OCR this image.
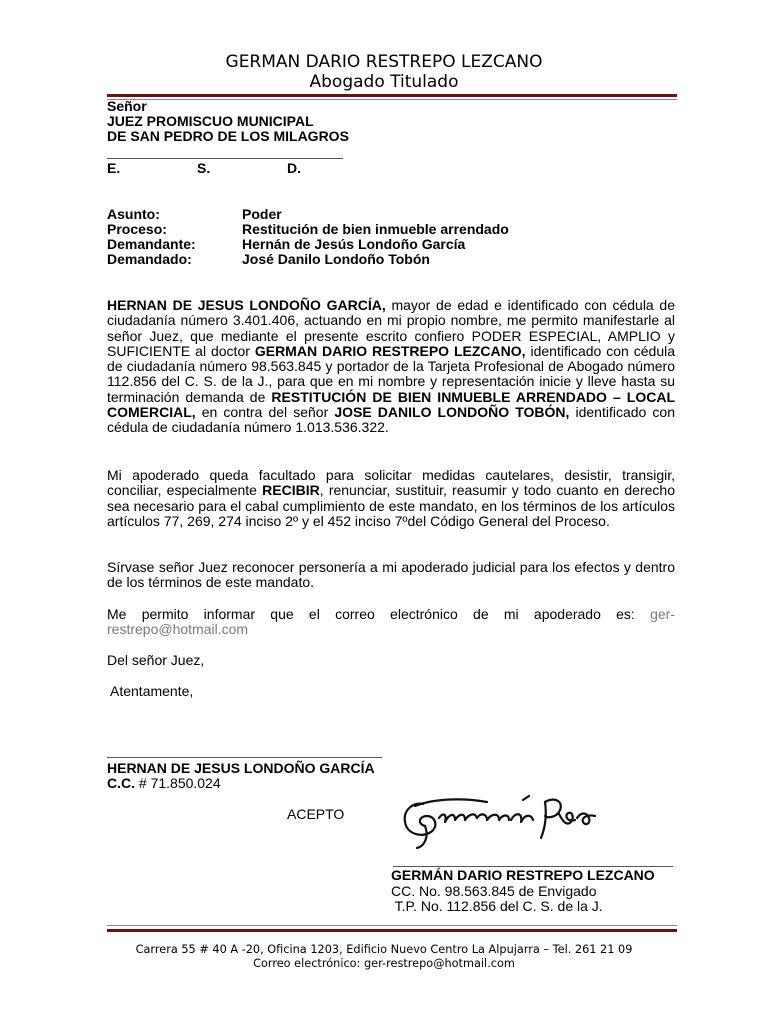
GERMAN DARIO RESTREPO LEZCANO
Abogado Titulado
Señor
JUEZ PROMISCUO MUNICIPAL
DE SAN PEDRO DE LOS MILAGROS
E.	S.	D.
Asunto:	Poder
Proceso:	Restitución de bien inmueble arrendado
Demandante:	Hernán de Jesús Londoño García
Demandado:	José Danilo Londoño Tobón
HERNAN DE JESUS LONDOÑO GARCÍA, mayor de edad e identificado con cédula de ciudadanía número 3.401.406, actuando en mi propio nombre, me permito manifestarle al señor Juez, que mediante el presente escrito confiero PODER ESPECIAL, AMPLIO y SUFICIENTE al doctor GERMAN DARIO RESTREPO LEZCANO, identificado con cédula de ciudadanía número 98.563.845 y portador de la Tarjeta Profesional de Abogado número 112.856 del C. S. de la J., para que en mi nombre y representación inicie y lleve hasta su terminación demanda de RESTITUCIÓN DE BIEN INMUEBLE ARRENDADO – LOCAL COMERCIAL, en contra del señor JOSE DANILO LONDOÑO TOBÓN, identificado con cédula de ciudadanía número 1.013.536.322.
Mi apoderado queda facultado para solicitar medidas cautelares, desistir, transigir, conciliar, especialmente RECIBIR, renunciar, sustituir, reasumir y todo cuanto en derecho sea necesario para el cabal cumplimiento de este mandato, en los términos de los artículos artículos 77, 269, 274 inciso 2º y el 452 inciso 7ºdel Código General del Proceso.
Sírvase señor Juez reconocer personería a mi apoderado judicial para los efectos y dentro de los términos de este mandato.
Me permito informar que el correo electrónico de mi apoderado es: ger-restrepo@hotmail.com
Del señor Juez,
Atentamente,
HERNAN DE JESUS LONDOÑO GARCÍA
C.C. # 71.850.024
ACEPTO
GERMÁN DARIO RESTREPO LEZCANO
CC. No. 98.563.845 de Envigado
T.P. No. 112.856 del C. S. de la J.
Carrera 55 # 40 A -20, Oficina 1203, Edificio Nuevo Centro La Alpujarra – Tel. 261 21 09
Correo electrónico: ger-restrepo@hotmail.com
